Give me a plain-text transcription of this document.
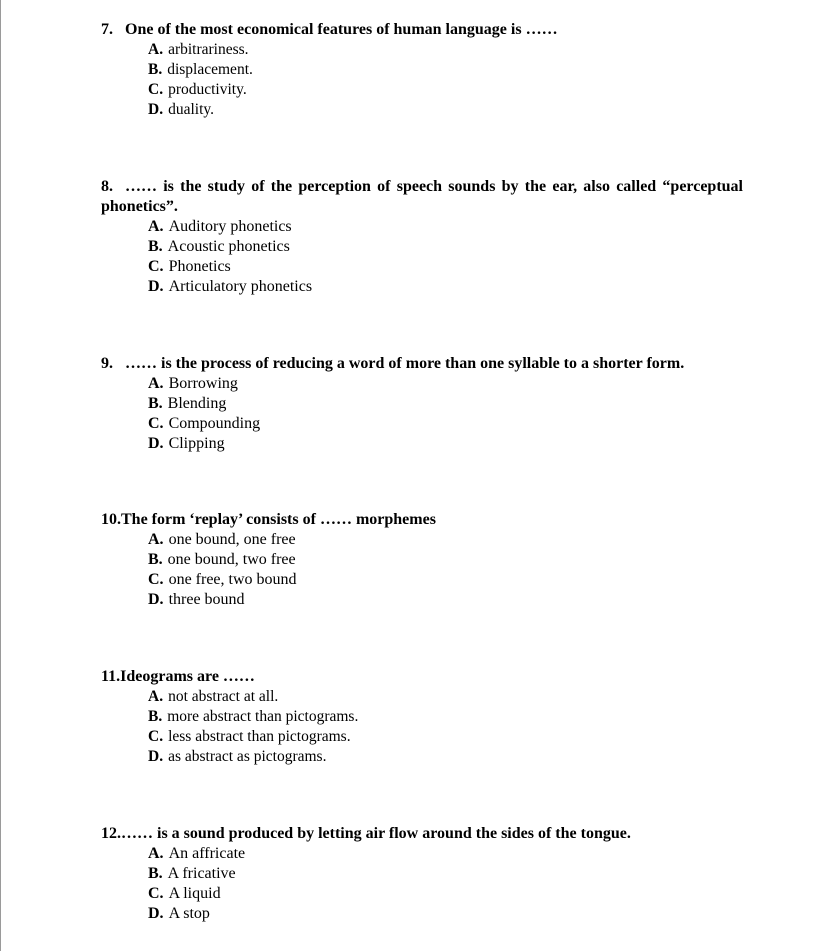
7. One of the most economical features of human language is ……
A. arbitrariness.
B. displacement.
C. productivity.
D. duality.
8. …… is the study of the perception of speech sounds by the ear, also called “perceptual phonetics”.
A. Auditory phonetics
B. Acoustic phonetics
C. Phonetics
D. Articulatory phonetics
9. …… is the process of reducing a word of more than one syllable to a shorter form.
A. Borrowing
B. Blending
C. Compounding
D. Clipping
10.The form ‘replay’ consists of …… morphemes
A. one bound, one free
B. one bound, two free
C. one free, two bound
D. three bound
11.Ideograms are ……
A. not abstract at all.
B. more abstract than pictograms.
C. less abstract than pictograms.
D. as abstract as pictograms.
12.…… is a sound produced by letting air flow around the sides of the tongue.
A. An affricate
B. A fricative
C. A liquid
D. A stop
